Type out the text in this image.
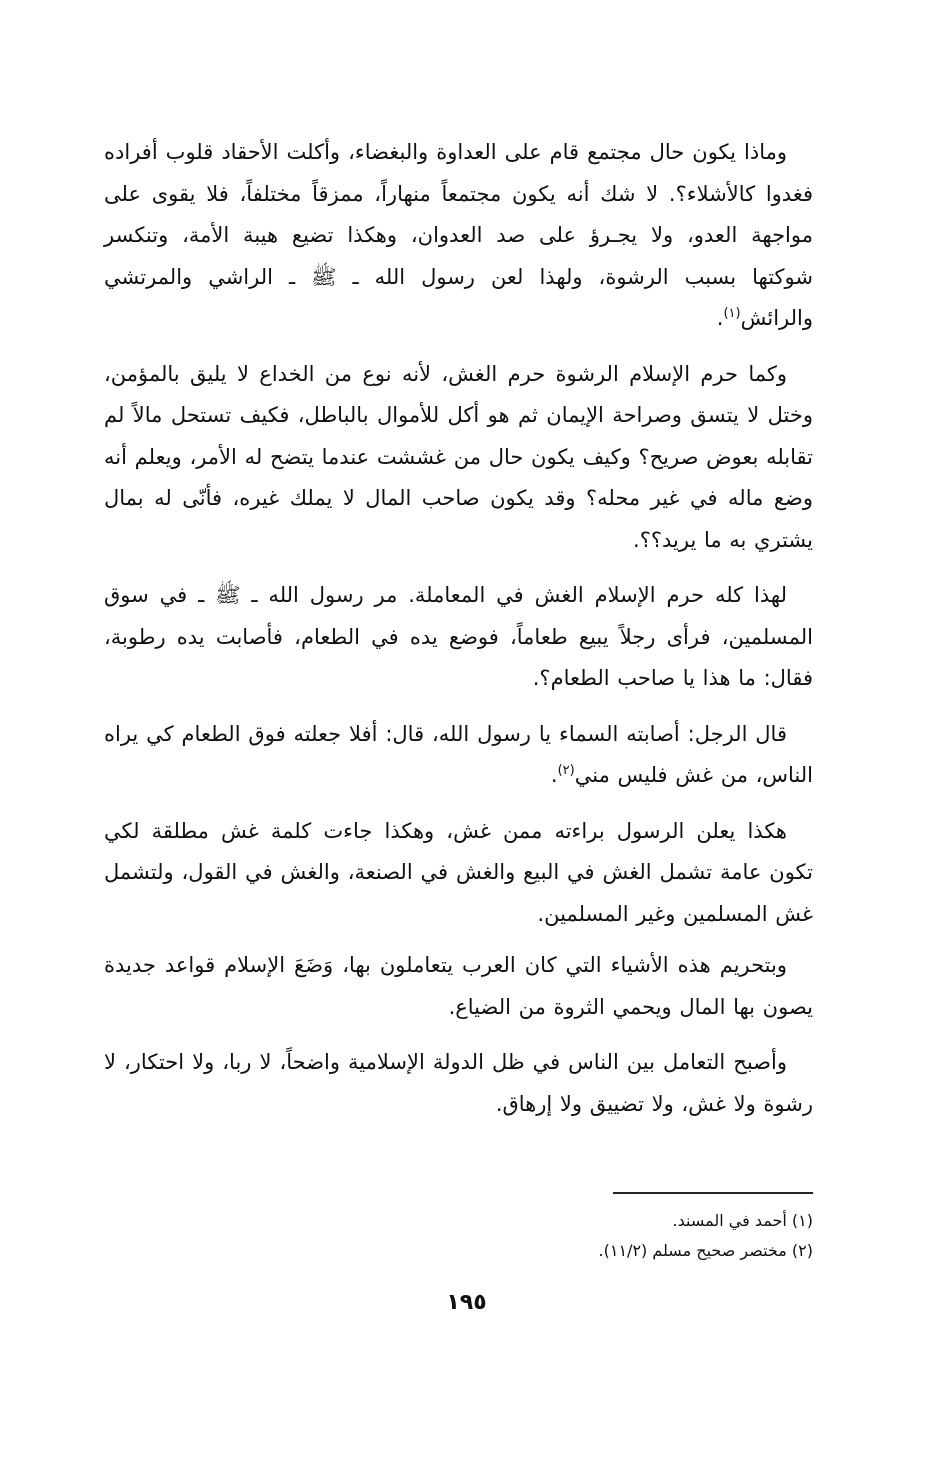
وماذا يكون حال مجتمع قام على العداوة والبغضاء، وأكلت الأحقاد قلوب أفراده فغدوا كالأشلاء؟. لا شك أنه يكون مجتمعاً منهاراً، ممزقاً مختلفاً، فلا يقوى على مواجهة العدو، ولا يجـرؤ على صد العدوان، وهكذا تضيع هيبة الأمة، وتنكسر شوكتها بسبب الرشوة، ولهذا لعن رسول الله ـ ﷺ ـ الراشي والمرتشي والرائش$^{(١)}$.

وكما حرم الإسلام الرشوة حرم الغش، لأنه نوع من الخداع لا يليق بالمؤمن، وختل لا يتسق وصراحة الإيمان ثم هو أكل للأموال بالباطل، فكيف تستحل مالاً لم تقابله بعوض صريح؟ وكيف يكون حال من غششت عندما يتضح له الأمر، ويعلم أنه وضع ماله في غير محله؟ وقد يكون صاحب المال لا يملك غيره، فأنّى له بمال يشتري به ما يريد؟؟.

لهذا كله حرم الإسلام الغش في المعاملة. مر رسول الله ـ ﷺ ـ في سوق المسلمين، فرأى رجلاً يبيع طعاماً، فوضع يده في الطعام، فأصابت يده رطوبة، فقال: ما هذا يا صاحب الطعام؟.

قال الرجل: أصابته السماء يا رسول الله، قال: أفلا جعلته فوق الطعام كي يراه الناس، من غش فليس مني$^{(٢)}$.

هكذا يعلن الرسول براءته ممن غش، وهكذا جاءت كلمة غش مطلقة لكي تكون عامة تشمل الغش في البيع والغش في الصنعة، والغش في القول، ولتشمل غش المسلمين وغير المسلمين.

وبتحريم هذه الأشياء التي كان العرب يتعاملون بها، وَضَعَ الإسلام قواعد جديدة يصون بها المال ويحمي الثروة من الضياع.

وأصبح التعامل بين الناس في ظل الدولة الإسلامية واضحاً، لا ربا، ولا احتكار، لا رشوة ولا غش، ولا تضييق ولا إرهاق.

(١) أحمد في المسند.

(٢) مختصر صحيح مسلم (١١/٢).

١٩٥
